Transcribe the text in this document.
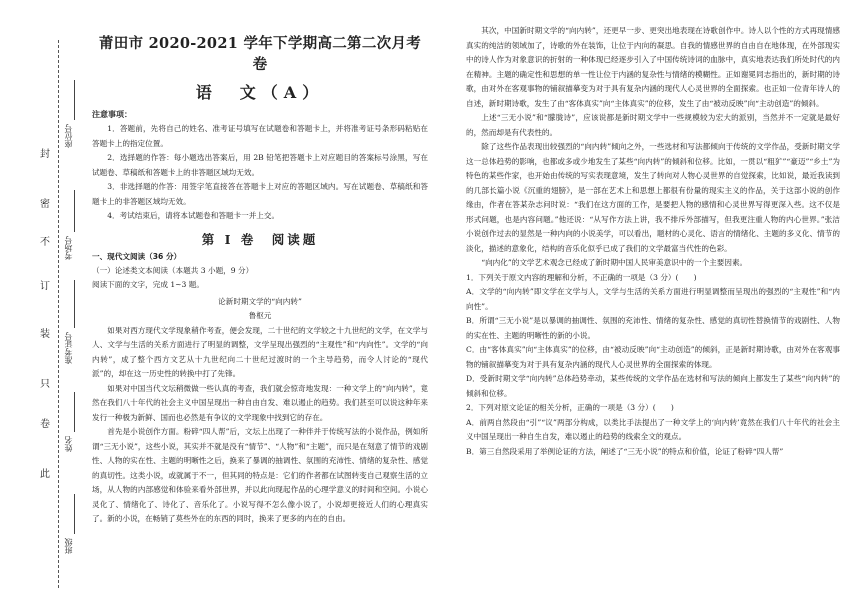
封
密
不
订
装
只
卷
此
座位号
考场号
准考证号
姓名
班级
莆田市 2020-2021 学年下学期高二第二次月考卷
语　文（A）
注意事项：

1．答题前，先将自己的姓名、准考证号填写在试题卷和答题卡上，并将准考证号条形码粘贴在答题卡上的指定位置。

2．选择题的作答：每小题选出答案后，用 2B 铅笔把答题卡上对应题目的答案标号涂黑，写在试题卷、草稿纸和答题卡上的非答题区域均无效。

3．非选择题的作答：用签字笔直接答在答题卡上对应的答题区域内。写在试题卷、草稿纸和答题卡上的非答题区域均无效。

4．考试结束后，请将本试题卷和答题卡一并上交。

第 I 卷　阅读题
一、现代文阅读（36 分）

（一）论述类文本阅读（本题共 3 小题，9 分）

阅读下面的文字，完成 1~3 题。

论新时期文学的“向内转”

鲁枢元

如果对西方现代文学现象稍作考查，便会发现，二十世纪的文学较之十九世纪的文学，在文学与人、文学与生活的关系方面进行了明显的调整，文学呈现出强烈的“主观性”和“内向性”。文学的“向内转”，成了整个西方文艺从十九世纪向二十世纪过渡时的一个主导趋势，而令人讨论的“现代派”的，却在这一历史性的转换中打了先锋。

如果对中国当代文坛稍微做一些认真的考查，我们就会惊奇地发现：一种文学上的“向内转”，竟然在我们八十年代的社会主义中国呈现出一种自由自发、难以遏止的趋势。我们甚至可以说这种年来发行一种极为新鲜、国而也必然是有争议的文学现象中找到它的存在。

首先是小说创作方面。粉碎“四人帮”后，文坛上出现了一种伴并于传统写法的小说作品，例如所谓“三无小说”，这些小说，其实并不就是没有“情节”、“人物”和“主题”，而只是在刻意了情节的戏剧性、人物的实在性、主题的明晰性之后，换来了暴调的抽调性、氛围的充沛性、情绪的复杂性、感觉的真切性。这类小说，或就属于不一，但其同的特点是：它们的作者都在试图转变自己观察生活的立场，从人物的内部感觉和体验来看外部世界，并以此向现起作品的心理学意义的时间和空间。小说心灵化了、情绪化了、诗化了、音乐化了。小说写得不怎么像小说了，小说却更接近人们的心理真实了。新的小说，在畅销了莫些外在的东西的同时，换来了更多的内在的自由。

其次，中国新时期文学的“向内转”，还更早一步、更突出地表现在诗歌创作中。诗人以个性的方式再现情感真实的纯洁的领域加了，诗歌的外在装饰，让位于内向的凝思。自我的情感世界的自由自在地体现，在外部现实中的诗人作为对象意识的折射的一种体现已经逐步引入了中国传统诗词的血脉中，真实地表达我们所处时代的内在精神。主题的确定性和思想的单一性让位于内涵的复杂性与情绪的模糊性。正如谢冕同志指出的，新时期的诗歌，由对外在客观事物的铺叙描摹变为对于具有复杂内涵的现代人心灵世界的全面探索。也正如一位青年诗人的自述，新时期诗歌，发生了由“客体真实”向“主体真实”的位移，发生了由“被动反映”向“主动创造”的倾斜。

上述“三无小说”和“朦胧诗”，应该说都是新时期文学中一些规模较为宏大的派别，当然并不一定就是最好的，然而却是有代表性的。

除了这些作品表现出较强烈的“向内转”倾向之外，一些选材和写法都倾向于传统的文学作品，受新时期文学这一总体趋势的影响，也都或多或少地发生了某些“向内转”的倾斜和位移。比如，一贯以“粗犷”“豪迈”“乡土”为特色的某些作家，也开始由传统的写实表现意境，发生了转向对人物心灵世界的自觉探索，比如说，最近我读到的几部长篇小说《沉重的翅膀》，是一部在艺术上和思想上都很有份量的现实主义的作品，关于这部小说的创作缘由，作者在答某杂志问时说：“我们在这方面的工作，是要把人物的感情和心灵世界写得更深入些。这不仅是形式问题，也是内容问题。”他还说：“从写作方法上讲，我不排斥外部描写，但我更注重人物的内心世界。”张洁小说创作过去的显然是一种内向的小说美学，可以看出，题材的心灵化、语言的情绪化、主题的多义化、情节的淡化，描述的意象化，结构的音乐化似乎已成了我们的文学最富当代性的色彩。

“向内化”的文学艺术观念已经成了新时期中国人民审美意识中的一个主要因素。

1．下列关于原文内容的理解和分析，不正确的一项是（3 分）(　　)

A．文学的“向内转”即文学在文学与人，文学与生活的关系方面进行明显调整而呈现出的强烈的“主观性”和“内向性”。

B．所谓“三无小说”是以暴调的抽调性、氛围的充沛性、情绪的复杂性、感觉的真切性替换情节的戏剧性、人物的实在性、主题的明晰性的新的小说。

C．由“客体真实”向“主体真实”的位移，由“被动反映”向“主动创造”的倾斜，正是新时期诗歌，由对外在客观事物的铺叙描摹变为对于具有复杂内涵的现代人心灵世界的全面探索的体现。

D．受新时期文学“向内转”总体趋势牵动，某些传统的文学作品在选材和写法的倾向上都发生了某些“向内转”的倾斜和位移。

2．下列对原文论证的相关分析，正确的一项是（3 分）(　　)

A．前两自然段由“引”“议”两部分构成，以类比手法提出了一种文学上的‘向内转’竟然在我们八十年代的社会主义中国呈现出一种自生自发，难以遏止的趋势的线索全文的观点。

B．第三自然段采用了举例论证的方法，阐述了“三无小说”的特点和价值，论证了粉碎“四人帮”
